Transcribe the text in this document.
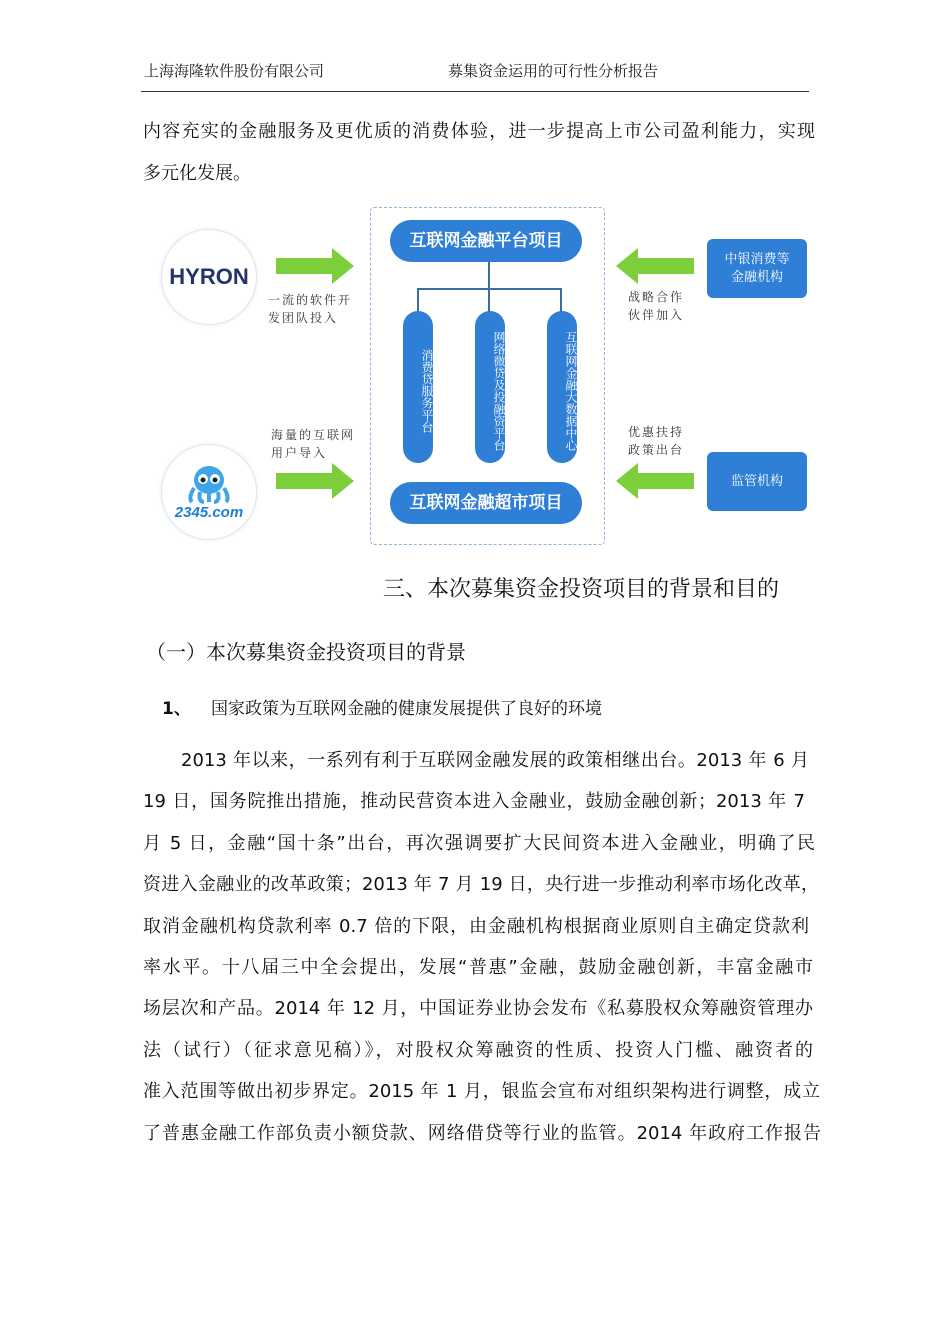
上海海隆软件股份有限公司	募集资金运用的可行性分析报告
内容充实的金融服务及更优质的消费体验，进一步提高上市公司盈利能力，实现
多元化发展。
互联网金融平台项目
互联网金融超市项目
消费贷服务平台	网络微贷及投融资平台	互联网金融大数据中心
HYRON
2345.com
一流的软件开
发团队投入
海量的互联网
用户导入
战略合作
伙伴加入
优惠扶持
政策出台
中银消费等
金融机构
监管机构
三、本次募集资金投资项目的背景和目的
（一）本次募集资金投资项目的背景
1、 国家政策为互联网金融的健康发展提供了良好的环境
2013 年以来，一系列有利于互联网金融发展的政策相继出台。2013 年 6 月
19 日，国务院推出措施，推动民营资本进入金融业，鼓励金融创新；2013 年 7
月 5 日，金融“国十条”出台，再次强调要扩大民间资本进入金融业，明确了民
资进入金融业的改革政策；2013 年 7 月 19 日，央行进一步推动利率市场化改革，
取消金融机构贷款利率 0.7 倍的下限，由金融机构根据商业原则自主确定贷款利
率水平。十八届三中全会提出，发展“普惠”金融，鼓励金融创新，丰富金融市
场层次和产品。2014 年 12 月，中国证券业协会发布《私募股权众筹融资管理办
法（试行）（征求意见稿）》，对股权众筹融资的性质、投资人门槛、融资者的
准入范围等做出初步界定。2015 年 1 月，银监会宣布对组织架构进行调整，成立
了普惠金融工作部负责小额贷款、网络借贷等行业的监管。2014 年政府工作报告
